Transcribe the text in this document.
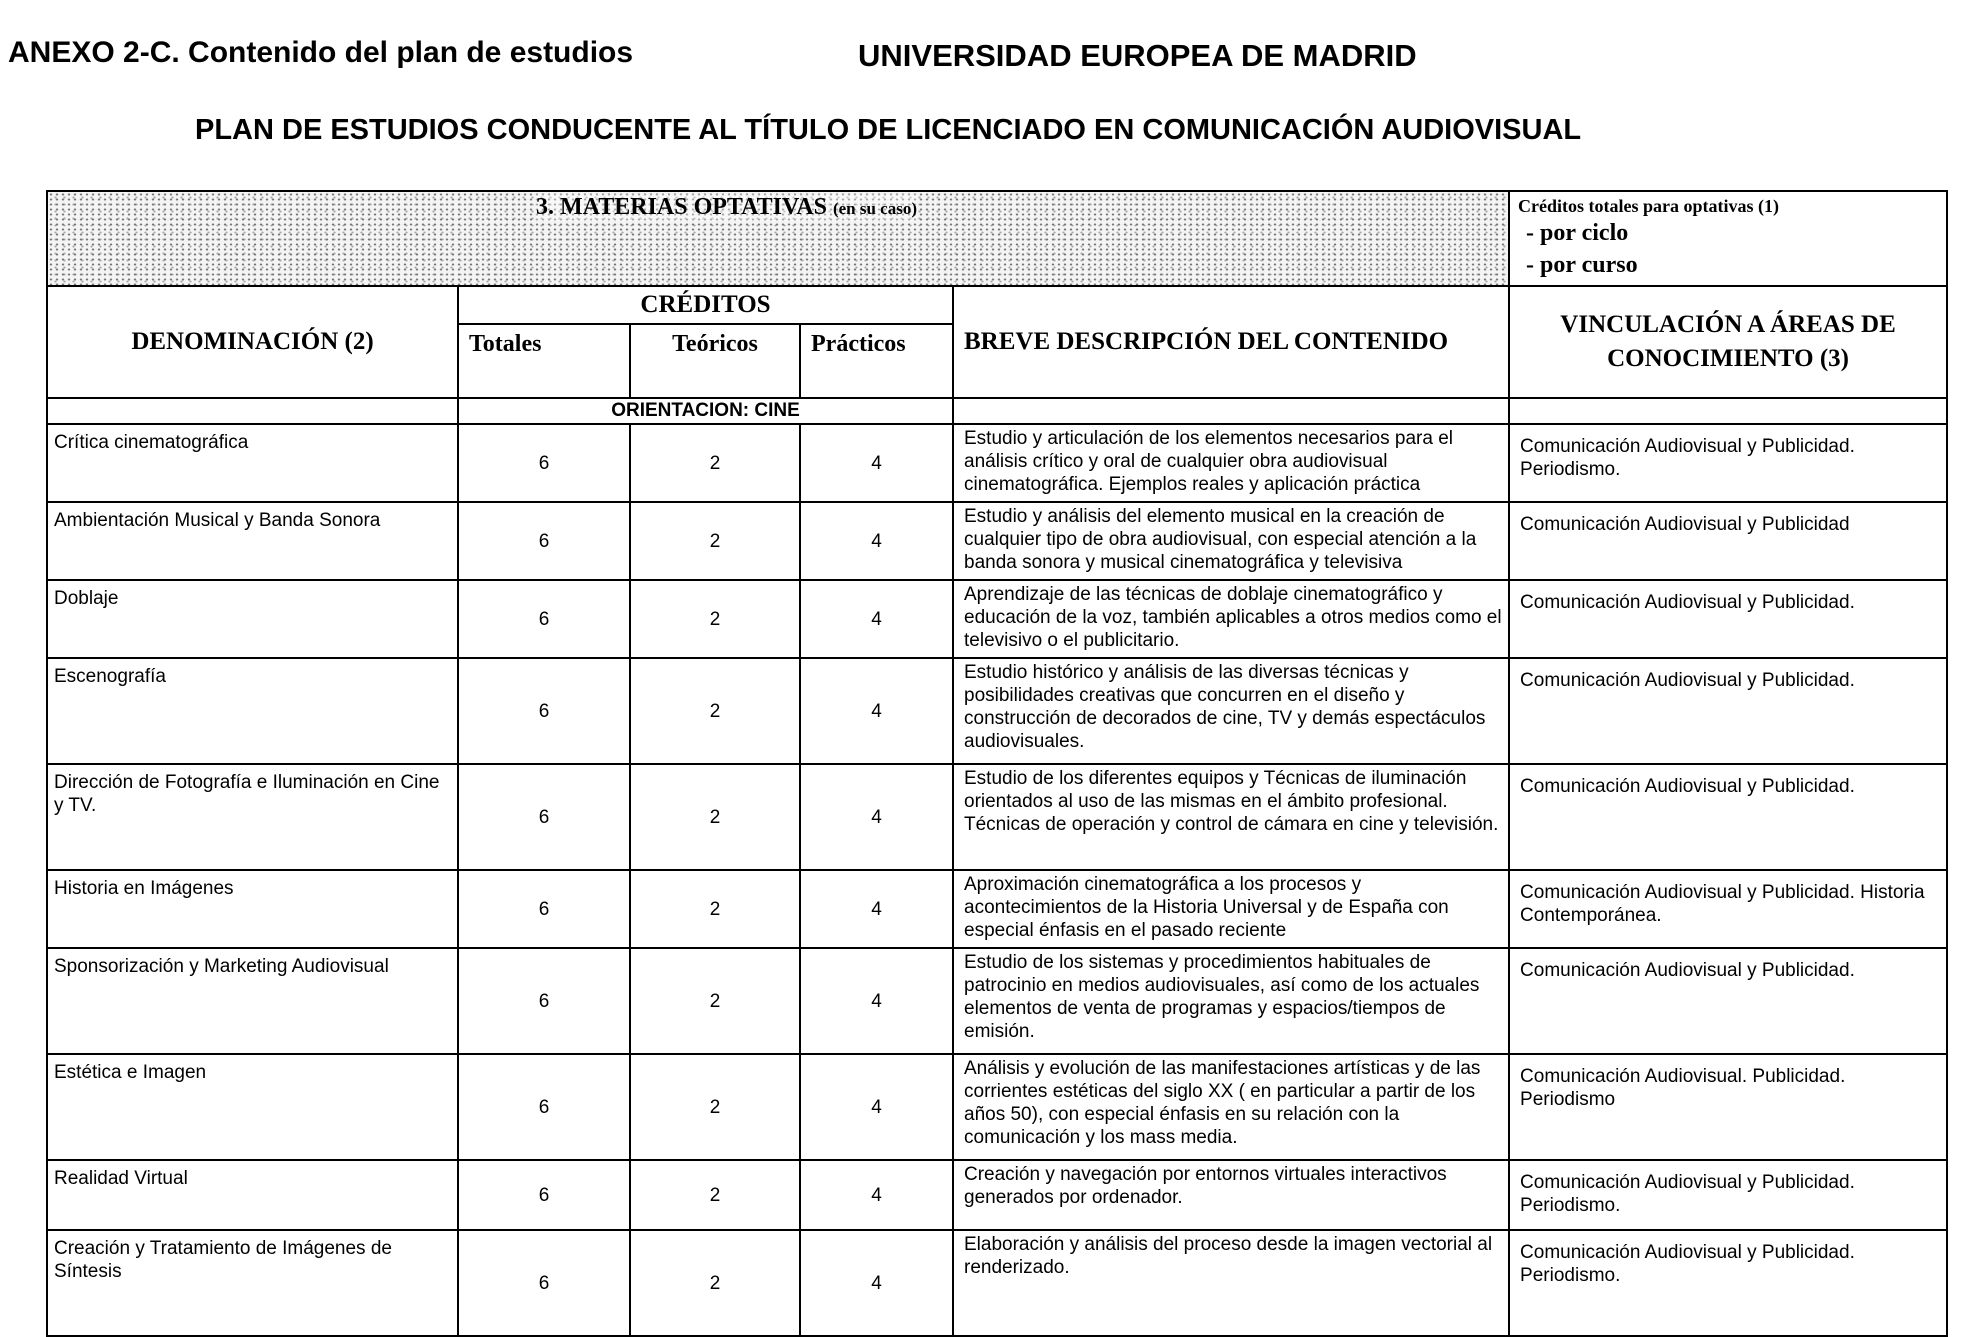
ANEXO 2-C. Contenido del plan de estudios	UNIVERSIDAD EUROPEA DE MADRID
PLAN DE ESTUDIOS CONDUCENTE AL TÍTULO DE LICENCIADO EN COMUNICACIÓN AUDIOVISUAL
3. MATERIAS OPTATIVAS (en su caso)					Créditos totales para optativas (1)
- por ciclo
- por curso

DENOMINACIÓN (2)	CRÉDITOS			BREVE DESCRIPCIÓN DEL CONTENIDO	VINCULACIÓN A ÁREAS DE CONOCIMIENTO (3)
	Totales	Teóricos	Prácticos		
	ORIENTACION: CINE				
Crítica cinematográfica	6	2	4	Estudio y articulación de los elementos necesarios para el análisis crítico y oral de cualquier obra audiovisual cinematográfica. Ejemplos reales y aplicación práctica	Comunicación Audiovisual y Publicidad. Periodismo.
Ambientación Musical y Banda Sonora	6	2	4	Estudio y análisis del elemento musical en la creación de cualquier tipo de obra audiovisual, con especial atención a la banda sonora y musical cinematográfica y televisiva	Comunicación Audiovisual y Publicidad
Doblaje	6	2	4	Aprendizaje de las técnicas de doblaje cinematográfico y educación de la voz, también aplicables a otros medios como el televisivo o el publicitario.	Comunicación Audiovisual y Publicidad.
Escenografía	6	2	4	Estudio histórico y análisis de las diversas técnicas y posibilidades creativas que concurren en el diseño y construcción de decorados de cine, TV y demás espectáculos audiovisuales.	Comunicación Audiovisual y Publicidad.
Dirección de Fotografía e Iluminación en Cine y TV.	6	2	4	Estudio de los diferentes equipos y Técnicas de iluminación orientados al uso de las mismas en el ámbito profesional. Técnicas de operación y control de cámara en cine y televisión.	Comunicación Audiovisual y Publicidad.
Historia en Imágenes	6	2	4	Aproximación cinematográfica a los procesos y acontecimientos de la Historia Universal y de España con especial énfasis en el pasado reciente	Comunicación Audiovisual y Publicidad. Historia Contemporánea.
Sponsorización y Marketing Audiovisual	6	2	4	Estudio de los sistemas y procedimientos habituales de patrocinio en medios audiovisuales, así como de los actuales elementos de venta de programas y espacios/tiempos de emisión.	Comunicación Audiovisual y Publicidad.
Estética e Imagen	6	2	4	Análisis y evolución de las manifestaciones artísticas y de las corrientes estéticas del siglo XX ( en particular a partir de los años 50), con especial énfasis en su relación con la comunicación y los mass media.	Comunicación Audiovisual. Publicidad. Periodismo
Realidad Virtual	6	2	4	Creación y navegación por entornos virtuales interactivos generados por ordenador.	Comunicación Audiovisual y Publicidad. Periodismo.
Creación y Tratamiento de Imágenes de Síntesis	6	2	4	Elaboración y análisis del proceso desde la imagen vectorial al renderizado.	Comunicación Audiovisual y Publicidad. Periodismo.
